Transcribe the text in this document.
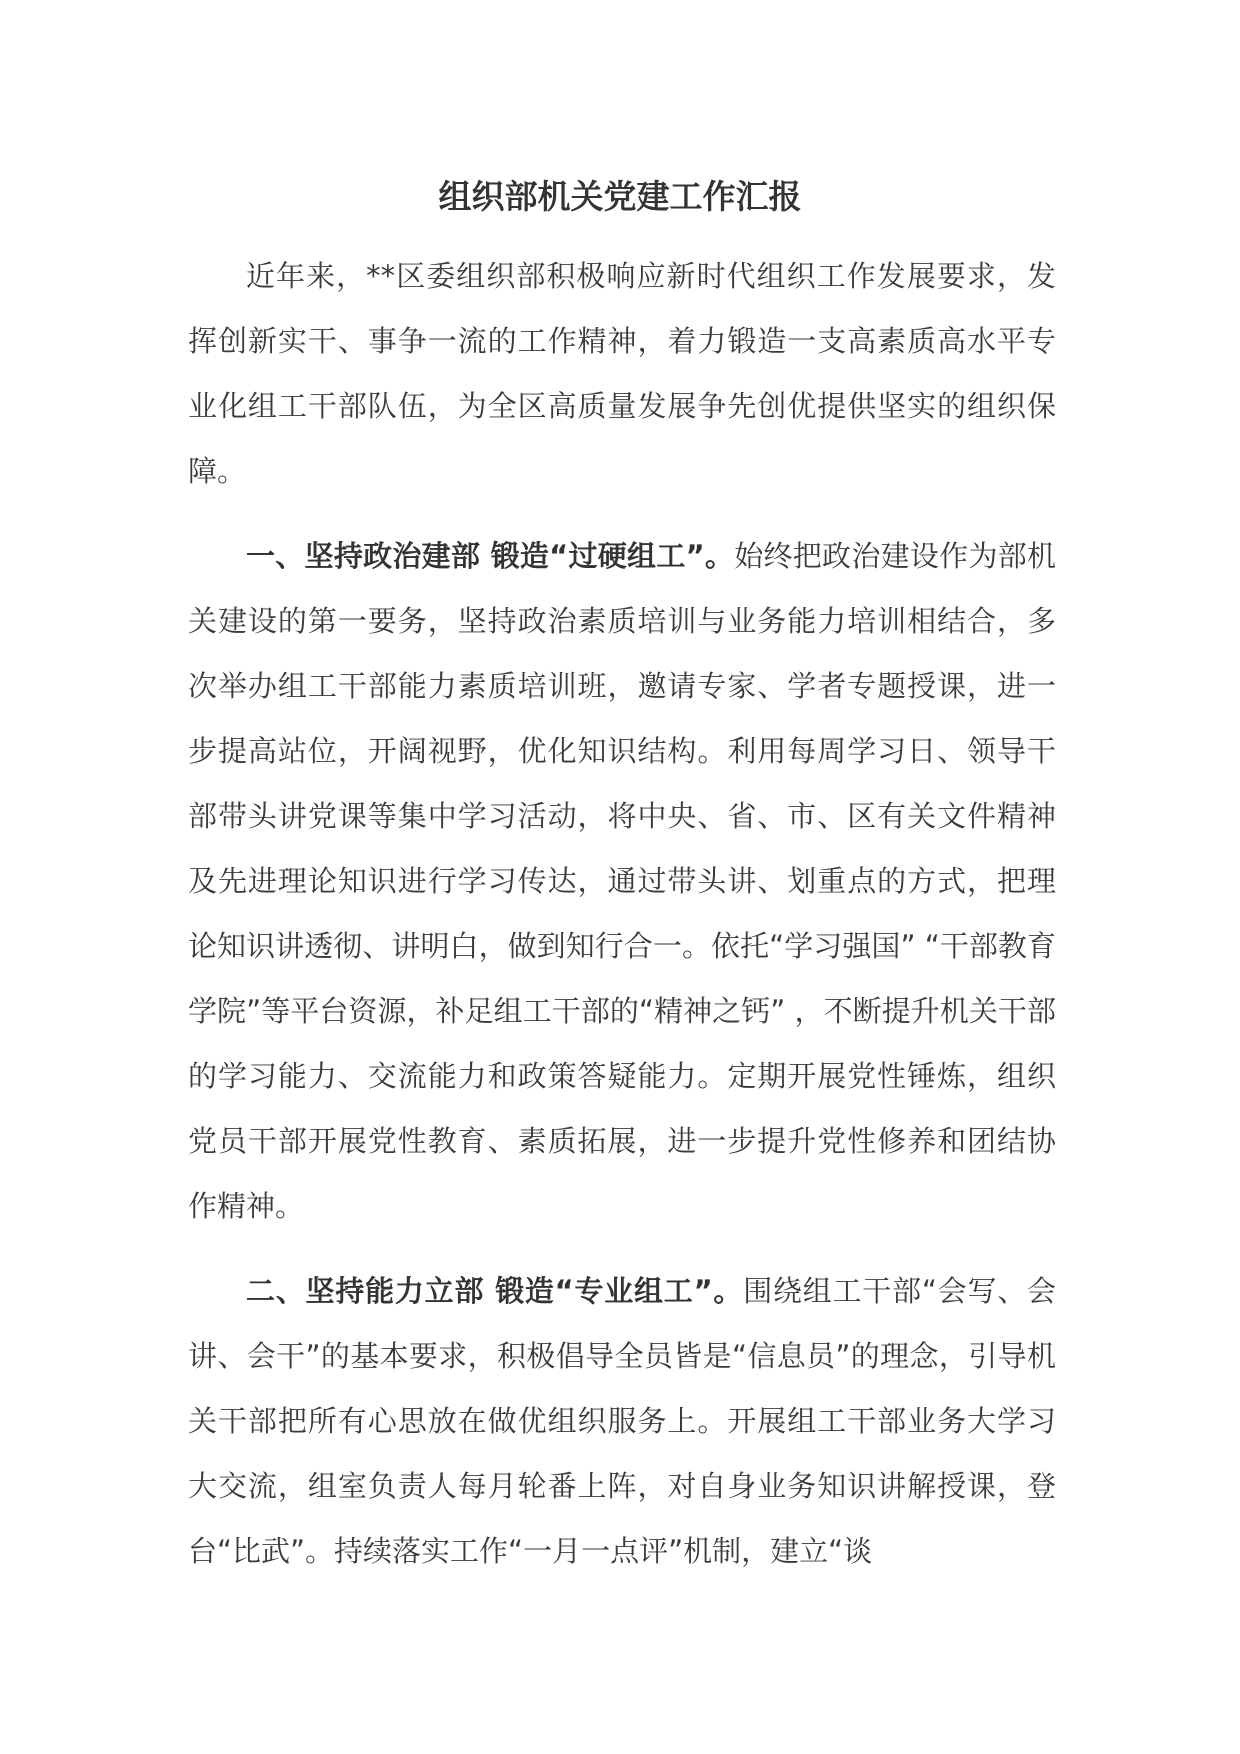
组织部机关党建工作汇报

近年来，**区委组织部积极响应新时代组织工作发展要求，发挥创新实干、事争一流的工作精神，着力锻造一支高素质高水平专业化组工干部队伍，为全区高质量发展争先创优提供坚实的组织保障。

一、坚持政治建部 锻造“过硬组工”。始终把政治建设作为部机关建设的第一要务，坚持政治素质培训与业务能力培训相结合，多次举办组工干部能力素质培训班，邀请专家、学者专题授课，进一步提高站位，开阔视野，优化知识结构。利用每周学习日、领导干部带头讲党课等集中学习活动，将中央、省、市、区有关文件精神及先进理论知识进行学习传达，通过带头讲、划重点的方式，把理论知识讲透彻、讲明白，做到知行合一。依托“学习强国” “干部教育学院”等平台资源，补足组工干部的“精神之钙” ，不断提升机关干部的学习能力、交流能力和政策答疑能力。定期开展党性锤炼，组织党员干部开展党性教育、素质拓展，进一步提升党性修养和团结协作精神。

二、坚持能力立部 锻造“专业组工”。围绕组工干部“会写、会讲、会干”的基本要求，积极倡导全员皆是“信息员”的理念，引导机关干部把所有心思放在做优组织服务上。开展组工干部业务大学习大交流，组室负责人每月轮番上阵，对自身业务知识讲解授课，登台“比武”。持续落实工作“一月一点评”机制，建立“谈
